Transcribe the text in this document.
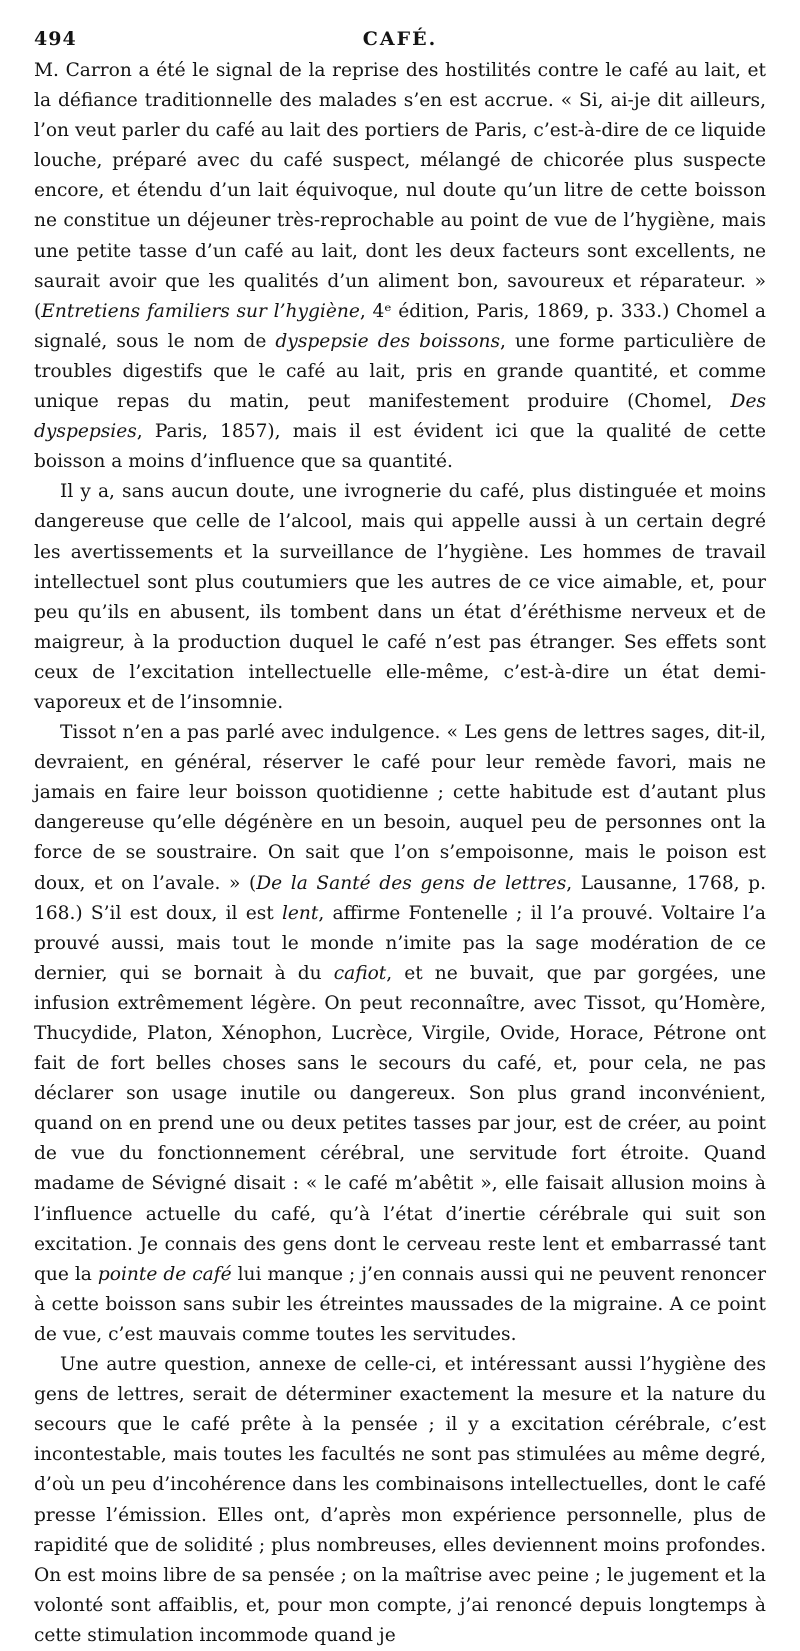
494	CAFÉ.

M. Carron a été le signal de la reprise des hostilités contre le café au lait, et la défiance traditionnelle des malades s’en est accrue. « Si, ai-je dit ailleurs, l’on veut parler du café au lait des portiers de Paris, c’est-à-dire de ce liquide louche, préparé avec du café suspect, mélangé de chicorée plus suspecte encore, et étendu d’un lait équivoque, nul doute qu’un litre de cette boisson ne constitue un déjeuner très-reprochable au point de vue de l’hygiène, mais une petite tasse d’un café au lait, dont les deux facteurs sont excellents, ne saurait avoir que les qualités d’un aliment bon, savoureux et réparateur. » (Entretiens familiers sur l’hygiène, 4ᵉ édition, Paris, 1869, p. 333.) Chomel a signalé, sous le nom de dyspepsie des boissons, une forme particulière de troubles digestifs que le café au lait, pris en grande quantité, et comme unique repas du matin, peut manifestement produire (Chomel, Des dyspepsies, Paris, 1857), mais il est évident ici que la qualité de cette boisson a moins d’influence que sa quantité.

Il y a, sans aucun doute, une ivrognerie du café, plus distinguée et moins dangereuse que celle de l’alcool, mais qui appelle aussi à un certain degré les avertissements et la surveillance de l’hygiène. Les hommes de travail intellectuel sont plus coutumiers que les autres de ce vice aimable, et, pour peu qu’ils en abusent, ils tombent dans un état d’éréthisme nerveux et de maigreur, à la production duquel le café n’est pas étranger. Ses effets sont ceux de l’excitation intellectuelle elle-même, c’est-à-dire un état demi-vaporeux et de l’insomnie.

Tissot n’en a pas parlé avec indulgence. « Les gens de lettres sages, dit-il, devraient, en général, réserver le café pour leur remède favori, mais ne jamais en faire leur boisson quotidienne ; cette habitude est d’autant plus dangereuse qu’elle dégénère en un besoin, auquel peu de personnes ont la force de se soustraire. On sait que l’on s’empoisonne, mais le poison est doux, et on l’avale. » (De la Santé des gens de lettres, Lausanne, 1768, p. 168.) S’il est doux, il est lent, affirme Fontenelle ; il l’a prouvé. Voltaire l’a prouvé aussi, mais tout le monde n’imite pas la sage modération de ce dernier, qui se bornait à du cafiot, et ne buvait, que par gorgées, une infusion extrêmement légère. On peut reconnaître, avec Tissot, qu’Homère, Thucydide, Platon, Xénophon, Lucrèce, Virgile, Ovide, Horace, Pétrone ont fait de fort belles choses sans le secours du café, et, pour cela, ne pas déclarer son usage inutile ou dangereux. Son plus grand inconvénient, quand on en prend une ou deux petites tasses par jour, est de créer, au point de vue du fonctionnement cérébral, une servitude fort étroite. Quand madame de Sévigné disait : « le café m’abêtit », elle faisait allusion moins à l’influence actuelle du café, qu’à l’état d’inertie cérébrale qui suit son excitation. Je connais des gens dont le cerveau reste lent et embarrassé tant que la pointe de café lui manque ; j’en connais aussi qui ne peuvent renoncer à cette boisson sans subir les étreintes maussades de la migraine. A ce point de vue, c’est mauvais comme toutes les servitudes.

Une autre question, annexe de celle-ci, et intéressant aussi l’hygiène des gens de lettres, serait de déterminer exactement la mesure et la nature du secours que le café prête à la pensée ; il y a excitation cérébrale, c’est incontestable, mais toutes les facultés ne sont pas stimulées au même degré, d’où un peu d’incohérence dans les combinaisons intellectuelles, dont le café presse l’émission. Elles ont, d’après mon expérience personnelle, plus de rapidité que de solidité ; plus nombreuses, elles deviennent moins profondes. On est moins libre de sa pensée ; on la maîtrise avec peine ; le jugement et la volonté sont affaiblis, et, pour mon compte, j’ai renoncé depuis longtemps à cette stimulation incommode quand je
